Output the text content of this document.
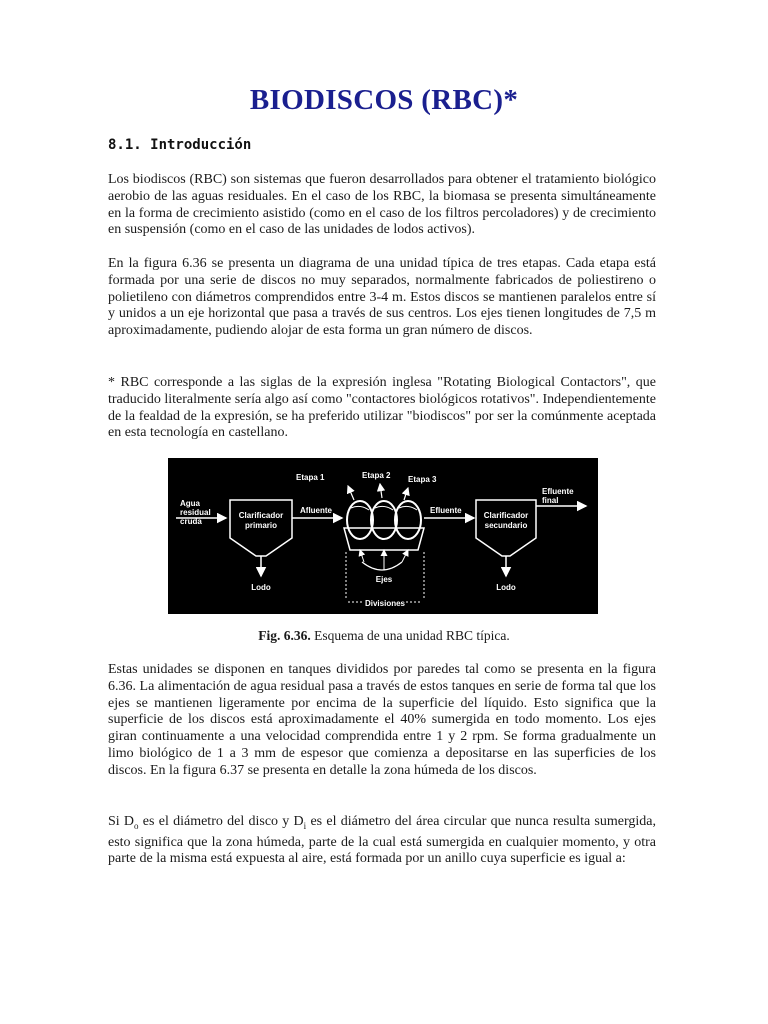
BIODISCOS (RBC)*
8.1. Introducción

Los biodiscos (RBC) son sistemas que fueron desarrollados para obtener el tratamiento biológico aerobio de las aguas residuales. En el caso de los RBC, la biomasa se presenta simultáneamente en la forma de crecimiento asistido (como en el caso de los filtros percoladores) y de crecimiento en suspensión (como en el caso de las unidades de lodos activos).

En la figura 6.36 se presenta un diagrama de una unidad típica de tres etapas. Cada etapa está formada por una serie de discos no muy separados, normalmente fabricados de poliestireno o polietileno con diámetros comprendidos entre 3-4 m. Estos discos se mantienen paralelos entre sí y unidos a un eje horizontal que pasa a través de sus centros. Los ejes tienen longitudes de 7,5 m aproximadamente, pudiendo alojar de esta forma un gran número de discos.

* RBC corresponde a las siglas de la expresión inglesa "Rotating Biological Contactors", que traducido literalmente sería algo así como "contactores biológicos rotativos". Independientemente de la fealdad de la expresión, se ha preferido utilizar "biodiscos" por ser la comúnmente aceptada en esta tecnología en castellano.

Agua
residual
cruda
Clarificador
primario
Lodo
Afluente
Etapa 1	Etapa 2 Etapa 3
Efluente
Clarificador
secundario
Lodo
Efluente
final
Ejes
Divisiones
Fig. 6.36. Esquema de una unidad RBC típica.

Estas unidades se disponen en tanques divididos por paredes tal como se presenta en la figura 6.36. La alimentación de agua residual pasa a través de estos tanques en serie de forma tal que los ejes se mantienen ligeramente por encima de la superficie del líquido. Esto significa que la superficie de los discos está aproximadamente el 40% sumergida en todo momento. Los ejes giran continuamente a una velocidad comprendida entre 1 y 2 rpm. Se forma gradualmente un limo biológico de 1 a 3 mm de espesor que comienza a depositarse en las superficies de los discos. En la figura 6.37 se presenta en detalle la zona húmeda de los discos.

Si $D_o$ es el diámetro del disco y $D_i$ es el diámetro del área circular que nunca resulta sumergida, esto significa que la zona húmeda, parte de la cual está sumergida en cualquier momento, y otra parte de la misma está expuesta al aire, está formada por un anillo cuya superficie es igual a:
